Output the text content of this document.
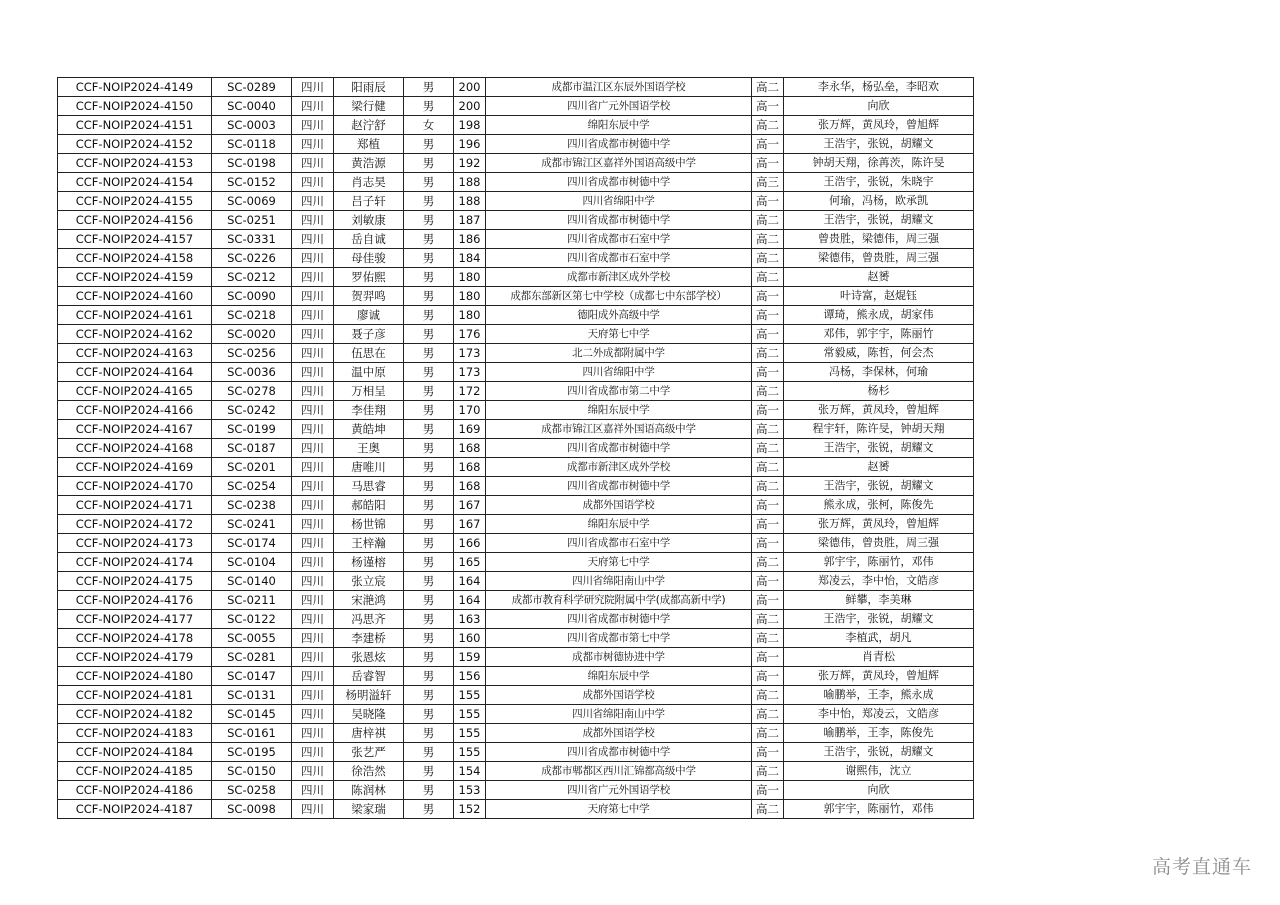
CCF-NOIP2024-4149	SC-0289	四川	阳雨辰	男	200	成都市温江区东辰外国语学校	高二	李永华，杨弘垒，李昭欢
CCF-NOIP2024-4150	SC-0040	四川	梁行健	男	200	四川省广元外国语学校	高一	向欣
CCF-NOIP2024-4151	SC-0003	四川	赵泞舒	女	198	绵阳东辰中学	高二	张万辉，黄凤玲，曾旭辉
CCF-NOIP2024-4152	SC-0118	四川	郑植	男	196	四川省成都市树德中学	高一	王浩宇，张锐，胡耀文
CCF-NOIP2024-4153	SC-0198	四川	黄浩源	男	192	成都市锦江区嘉祥外国语高级中学	高一	钟胡天翔，徐苒茨，陈许旻
CCF-NOIP2024-4154	SC-0152	四川	肖志昊	男	188	四川省成都市树德中学	高三	王浩宇，张锐，朱晓宇
CCF-NOIP2024-4155	SC-0069	四川	吕子轩	男	188	四川省绵阳中学	高一	何瑜，冯杨，欧承凯
CCF-NOIP2024-4156	SC-0251	四川	刘敏康	男	187	四川省成都市树德中学	高二	王浩宇，张锐，胡耀文
CCF-NOIP2024-4157	SC-0331	四川	岳自诚	男	186	四川省成都市石室中学	高二	曾贵胜，梁德伟，周三强
CCF-NOIP2024-4158	SC-0226	四川	母佳骏	男	184	四川省成都市石室中学	高二	梁德伟，曾贵胜，周三强
CCF-NOIP2024-4159	SC-0212	四川	罗佑熙	男	180	成都市新津区成外学校	高二	赵赟
CCF-NOIP2024-4160	SC-0090	四川	贺羿鸣	男	180	成都东部新区第七中学校（成都七中东部学校）	高一	叶诗富，赵焜钰
CCF-NOIP2024-4161	SC-0218	四川	廖诚	男	180	德阳成外高级中学	高一	谭琦，熊永成，胡家伟
CCF-NOIP2024-4162	SC-0020	四川	聂子彦	男	176	天府第七中学	高一	邓伟，郭宇宇，陈丽竹
CCF-NOIP2024-4163	SC-0256	四川	伍思在	男	173	北二外成都附属中学	高二	常毅威，陈哲，何会杰
CCF-NOIP2024-4164	SC-0036	四川	温中原	男	173	四川省绵阳中学	高一	冯杨，李保林，何瑜
CCF-NOIP2024-4165	SC-0278	四川	万相呈	男	172	四川省成都市第二中学	高二	杨杉
CCF-NOIP2024-4166	SC-0242	四川	李佳翔	男	170	绵阳东辰中学	高一	张万辉，黄凤玲，曾旭辉
CCF-NOIP2024-4167	SC-0199	四川	黄皓坤	男	169	成都市锦江区嘉祥外国语高级中学	高二	程宇轩，陈许旻，钟胡天翔
CCF-NOIP2024-4168	SC-0187	四川	王奥	男	168	四川省成都市树德中学	高二	王浩宇，张锐，胡耀文
CCF-NOIP2024-4169	SC-0201	四川	唐唯川	男	168	成都市新津区成外学校	高二	赵赟
CCF-NOIP2024-4170	SC-0254	四川	马思睿	男	168	四川省成都市树德中学	高二	王浩宇，张锐，胡耀文
CCF-NOIP2024-4171	SC-0238	四川	郝皓阳	男	167	成都外国语学校	高一	熊永成，张柯，陈俊先
CCF-NOIP2024-4172	SC-0241	四川	杨世锦	男	167	绵阳东辰中学	高一	张万辉，黄凤玲，曾旭辉
CCF-NOIP2024-4173	SC-0174	四川	王梓瀚	男	166	四川省成都市石室中学	高一	梁德伟，曾贵胜，周三强
CCF-NOIP2024-4174	SC-0104	四川	杨谨榕	男	165	天府第七中学	高二	郭宇宇，陈丽竹，邓伟
CCF-NOIP2024-4175	SC-0140	四川	张立宸	男	164	四川省绵阳南山中学	高一	郑凌云，李中怡，文皓彦
CCF-NOIP2024-4176	SC-0211	四川	宋滟鸿	男	164	成都市教育科学研究院附属中学(成都高新中学)	高一	鲜攀，李美琳
CCF-NOIP2024-4177	SC-0122	四川	冯思齐	男	163	四川省成都市树德中学	高二	王浩宇，张锐，胡耀文
CCF-NOIP2024-4178	SC-0055	四川	李建桥	男	160	四川省成都市第七中学	高二	李植武，胡凡
CCF-NOIP2024-4179	SC-0281	四川	张恩炫	男	159	成都市树德协进中学	高一	肖青松
CCF-NOIP2024-4180	SC-0147	四川	岳睿智	男	156	绵阳东辰中学	高一	张万辉，黄凤玲，曾旭辉
CCF-NOIP2024-4181	SC-0131	四川	杨明溢轩	男	155	成都外国语学校	高二	喻鹏举，王李，熊永成
CCF-NOIP2024-4182	SC-0145	四川	吴晓隆	男	155	四川省绵阳南山中学	高二	李中怡，郑凌云，文皓彦
CCF-NOIP2024-4183	SC-0161	四川	唐梓祺	男	155	成都外国语学校	高二	喻鹏举，王李，陈俊先
CCF-NOIP2024-4184	SC-0195	四川	张艺严	男	155	四川省成都市树德中学	高一	王浩宇，张锐，胡耀文
CCF-NOIP2024-4185	SC-0150	四川	徐浩然	男	154	成都市郫都区西川汇锦都高级中学	高二	谢熙伟，沈立
CCF-NOIP2024-4186	SC-0258	四川	陈润林	男	153	四川省广元外国语学校	高一	向欣
CCF-NOIP2024-4187	SC-0098	四川	梁家瑞	男	152	天府第七中学	高二	郭宇宇，陈丽竹，邓伟
高考直通车
